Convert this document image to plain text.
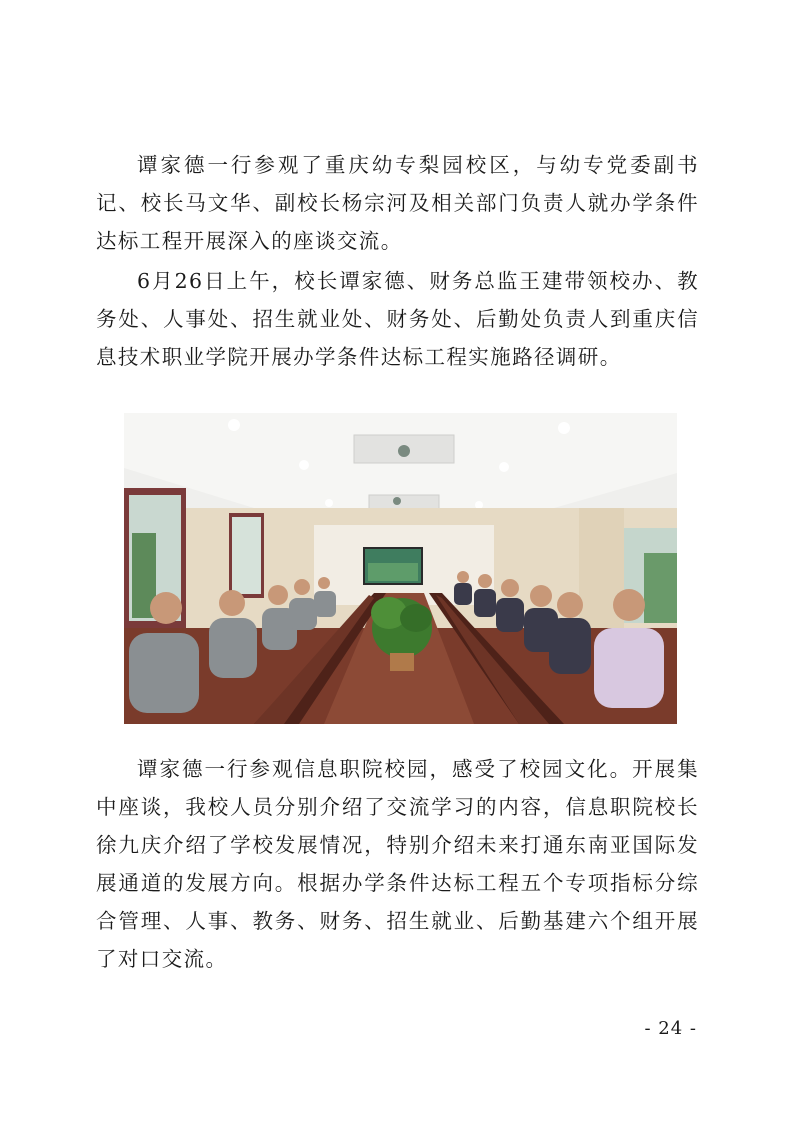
谭家德一行参观了重庆幼专梨园校区，与幼专党委副书记、校长马文华、副校长杨宗河及相关部门负责人就办学条件达标工程开展深入的座谈交流。

6月26日上午，校长谭家德、财务总监王建带领校办、教务处、人事处、招生就业处、财务处、后勤处负责人到重庆信息技术职业学院开展办学条件达标工程实施路径调研。

谭家德一行参观信息职院校园，感受了校园文化。开展集中座谈，我校人员分别介绍了交流学习的内容，信息职院校长徐九庆介绍了学校发展情况，特别介绍未来打通东南亚国际发展通道的发展方向。根据办学条件达标工程五个专项指标分综合管理、人事、教务、财务、招生就业、后勤基建六个组开展了对口交流。

- 24 -
